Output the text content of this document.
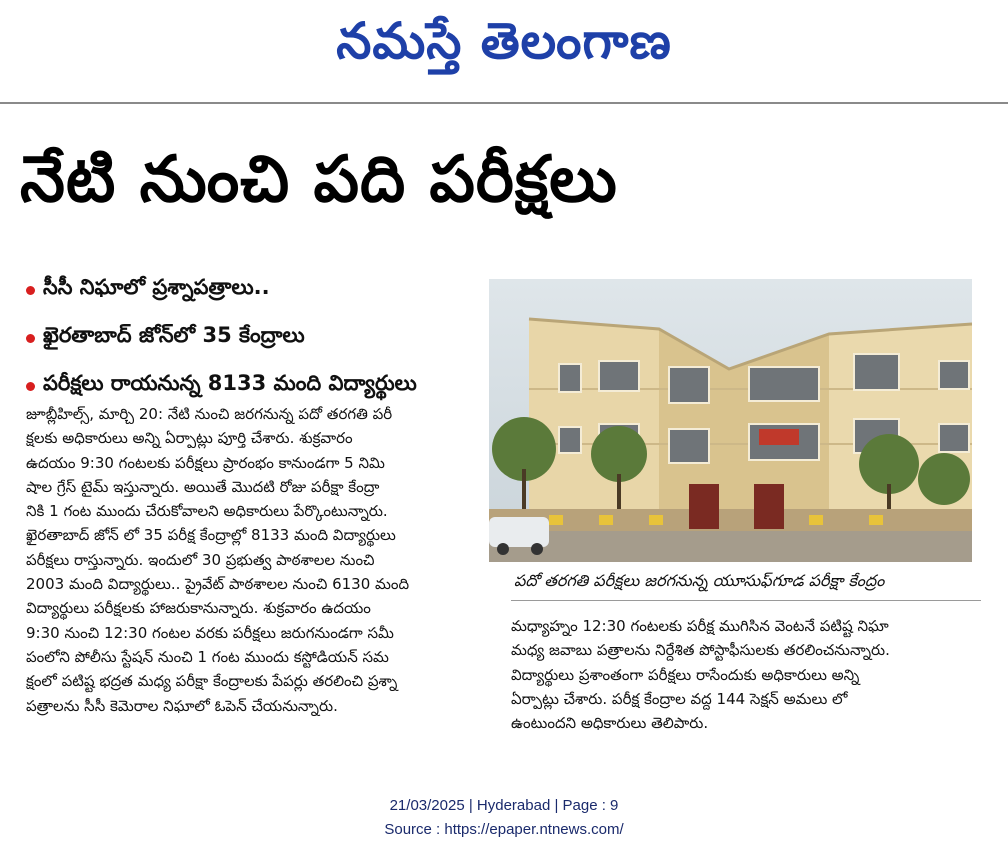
నమస్తే తెలంగాణ
నేటి నుంచి పది పరీక్షలు
సీసీ నిఘాలో ప్రశ్నాపత్రాలు..
ఖైరతాబాద్ జోన్‌లో 35 కేంద్రాలు
పరీక్షలు రాయనున్న 8133 మంది విద్యార్థులు
జూబ్లీహిల్స్, మార్చి 20: నేటి నుంచి జరగనున్న పదో తరగతి పరీ
క్షలకు అధికారులు అన్ని ఏర్పాట్లు పూర్తి చేశారు. శుక్రవారం
ఉదయం 9:30 గంటలకు పరీక్షలు ప్రారంభం కానుండగా 5 నిమి
షాల గ్రేస్ టైమ్ ఇస్తున్నారు. అయితే మొదటి రోజు పరీక్షా కేంద్రా
నికి 1 గంట ముందు చేరుకోవాలని అధికారులు పేర్కొంటున్నారు.
ఖైరతాబాద్ జోన్ లో 35 పరీక్ష కేంద్రాల్లో 8133 మంది విద్యార్థులు
పరీక్షలు రాస్తున్నారు. ఇందులో 30 ప్రభుత్వ పాఠశాలల నుంచి
2003 మంది విద్యార్థులు.. ప్రైవేట్ పాఠశాలల నుంచి 6130 మంది
విద్యార్థులు పరీక్షలకు హాజరుకానున్నారు. శుక్రవారం ఉదయం
9:30 నుంచి 12:30 గంటల వరకు పరీక్షలు జరుగనుండగా సమీ
పంలోని పోలీసు స్టేషన్ నుంచి 1 గంట ముందు కస్టోడియన్ సమ
క్షంలో పటిష్ట భద్రత మధ్య పరీక్షా కేంద్రాలకు పేపర్లు తరలించి ప్రశ్నా
పత్రాలను సీసీ కెమెరాల నిఘాలో ఓపెన్ చేయనున్నారు.
పదో తరగతి పరీక్షలు జరగనున్న యూసుఫ్‌గూడ పరీక్షా కేంద్రం
మధ్యాహ్నం 12:30 గంటలకు పరీక్ష ముగిసిన వెంటనే పటిష్ట నిఘా
మధ్య జవాబు పత్రాలను నిర్దేశిత పోస్టాఫీసులకు తరలించనున్నారు.
విద్యార్థులు ప్రశాంతంగా పరీక్షలు రాసేందుకు అధికారులు అన్ని
ఏర్పాట్లు చేశారు. పరీక్ష కేంద్రాల వద్ద 144 సెక్షన్ అమలు లో
ఉంటుందని అధికారులు తెలిపారు.
21/03/2025 | Hyderabad | Page : 9
Source : https://epaper.ntnews.com/
